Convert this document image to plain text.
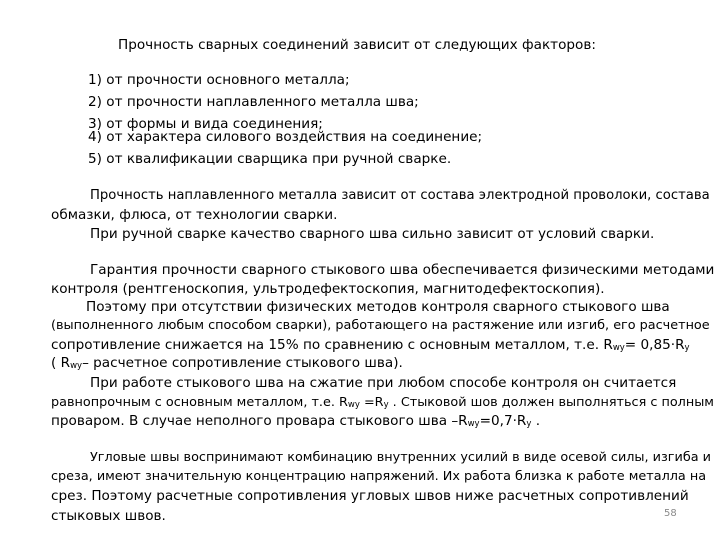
Прочность сварных соединений зависит от следующих факторов:
1) от прочности основного металла;
2) от прочности наплавленного металла шва;
3) от формы и вида соединения;
4) от характера силового воздействия на соединение;
5) от квалификации сварщика при ручной сварке.
Прочность наплавленного металла зависит от состава электродной проволоки, состава
обмазки, флюса, от технологии сварки.
При ручной сварке качество сварного шва сильно зависит от условий сварки.
Гарантия прочности сварного стыкового шва обеспечивается физическими методами
контроля (рентгеноскопия, ультродефектоскопия, магнитодефектоскопия).
Поэтому при отсутствии физических методов контроля сварного стыкового шва
(выполненного любым способом сварки), работающего на растяжение или изгиб, его расчетное
сопротивление снижается на 15% по сравнению с основным металлом, т.е. Rwy= 0,85·Ry
( Rwy– расчетное сопротивление стыкового шва).
При работе стыкового шва на сжатие при любом способе контроля он считается
равнопрочным с основным металлом, т.е. Rwy =Ry . Стыковой шов должен выполняться с полным
проваром. В случае неполного провара стыкового шва –Rwy=0,7·Ry .
Угловые швы воспринимают комбинацию внутренних усилий в виде осевой силы, изгиба и
среза, имеют значительную концентрацию напряжений. Их работа близка к работе металла на
срез. Поэтому расчетные сопротивления угловых швов ниже расчетных сопротивлений
стыковых швов.	58
